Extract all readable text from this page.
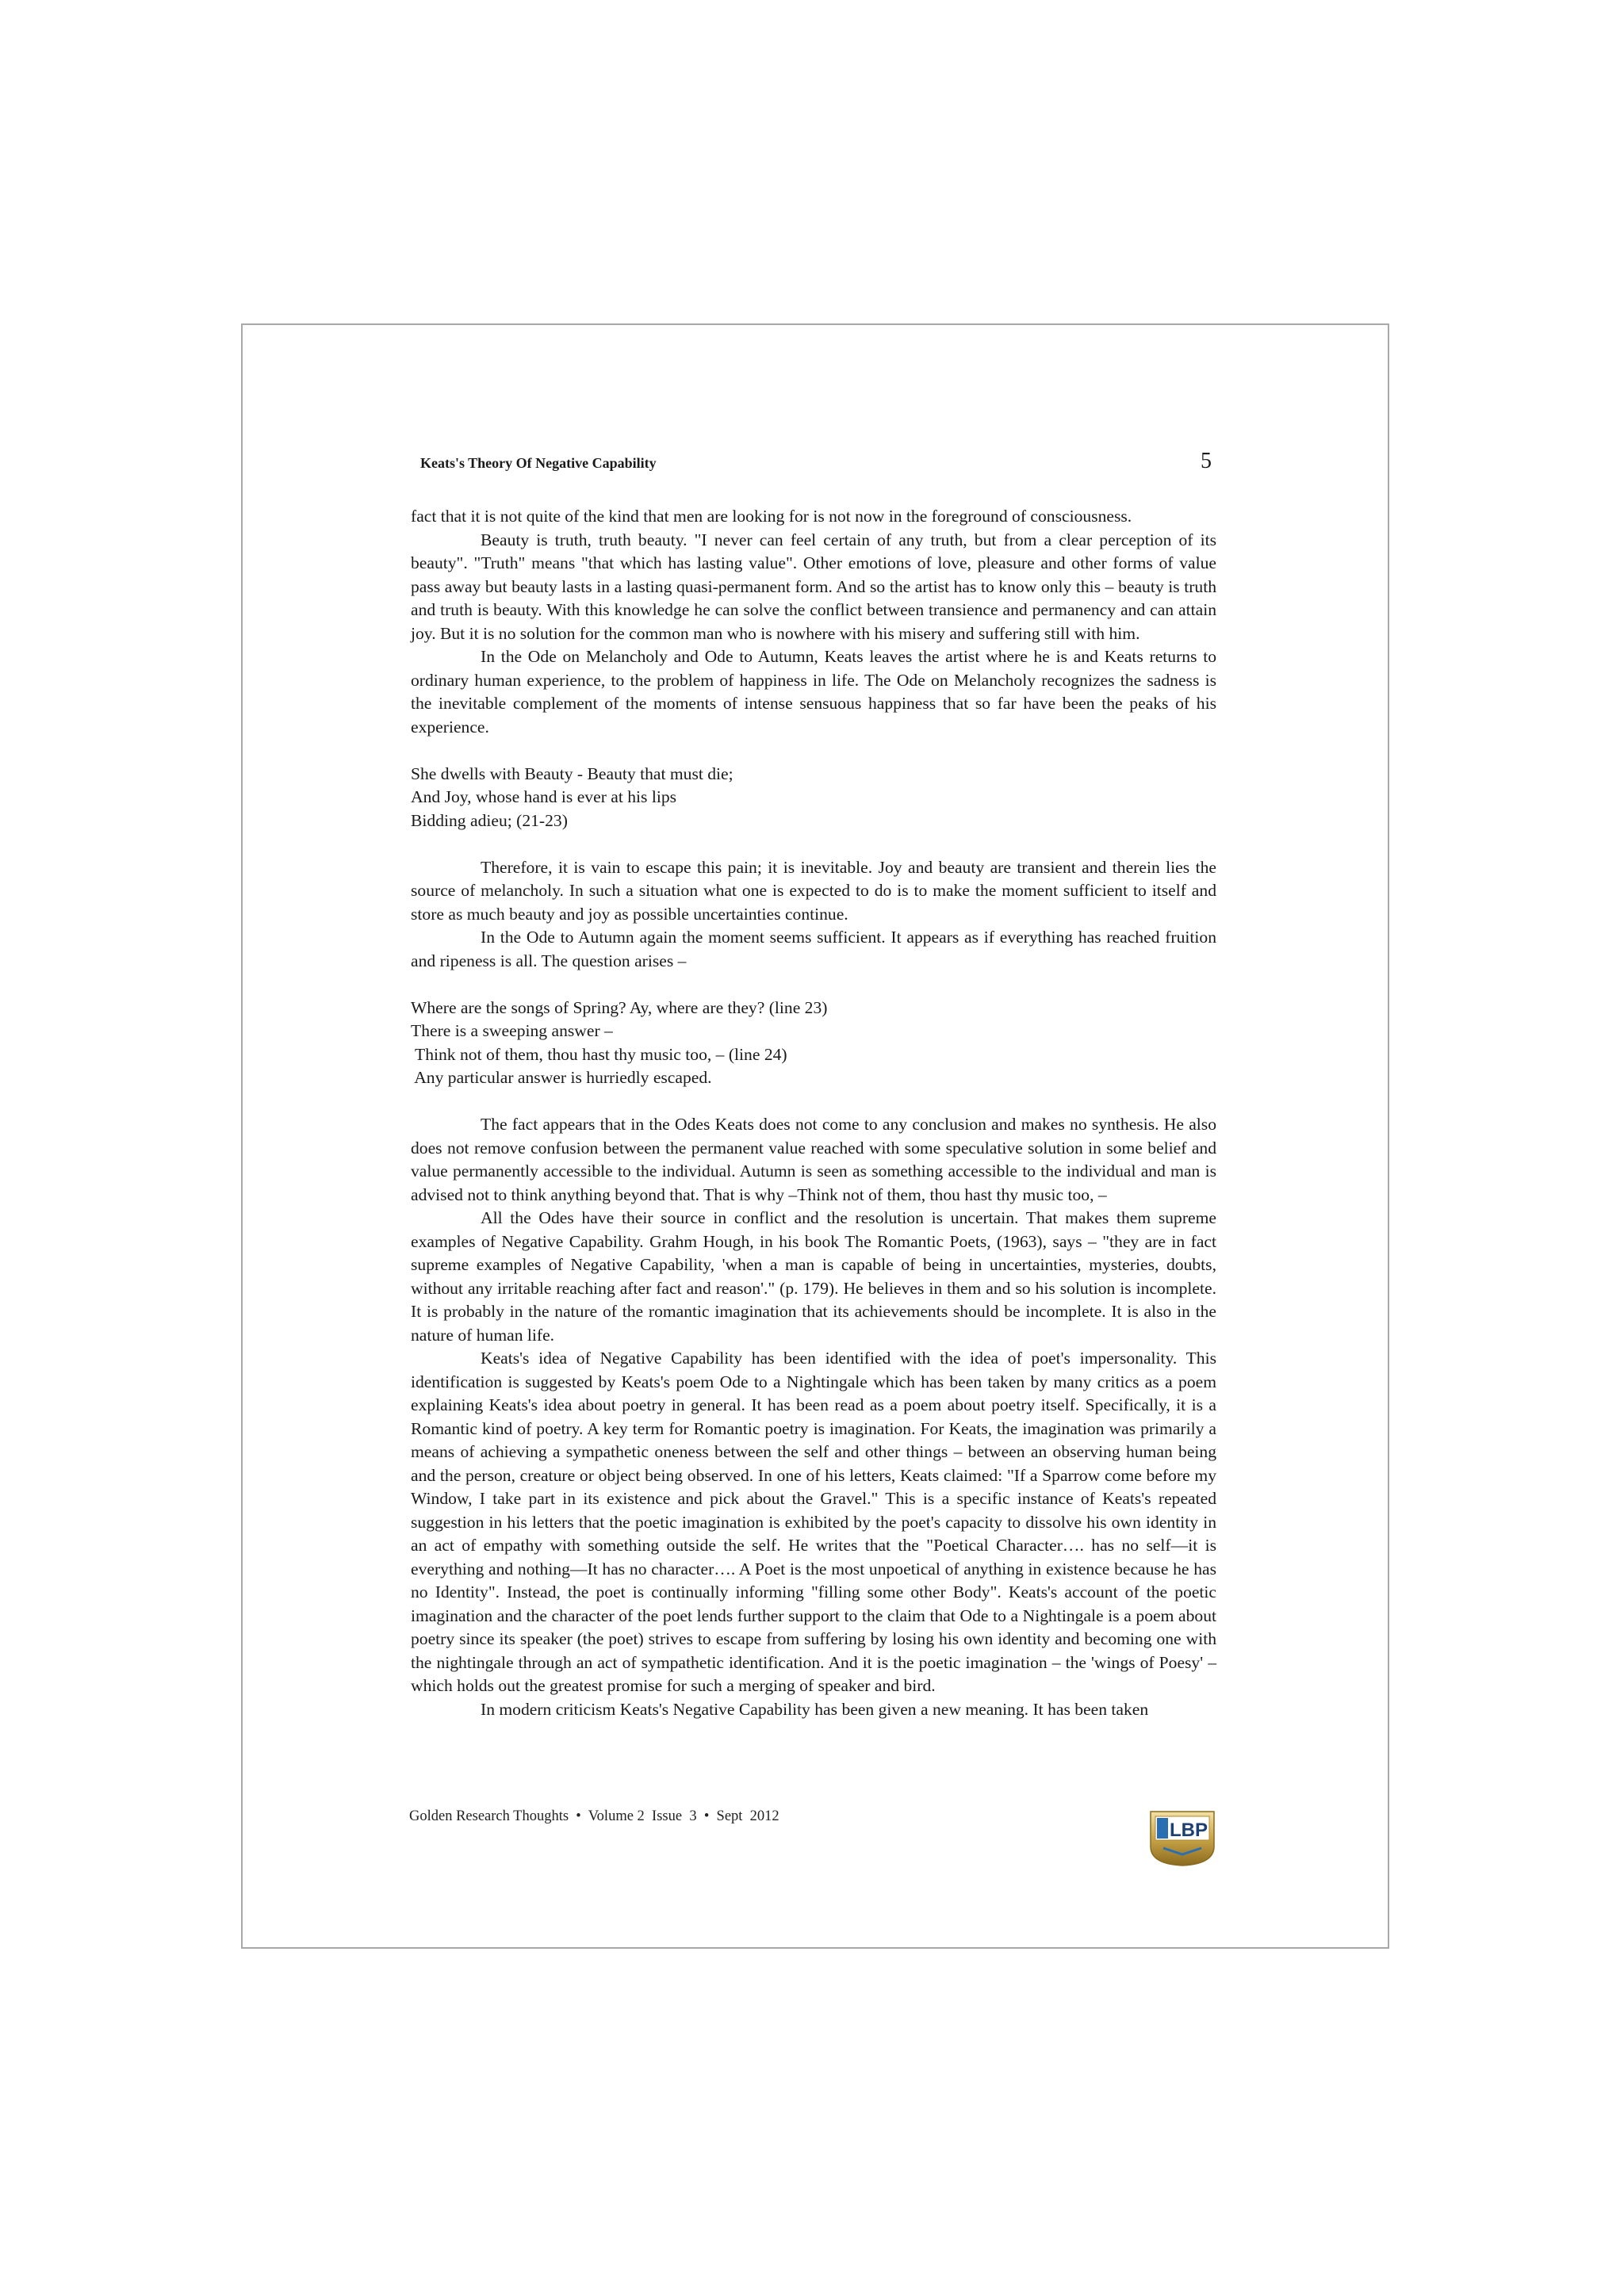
Keats's Theory Of Negative Capability	5

fact that it is not quite of the kind that men are looking for is not now in the foreground of consciousness.

Beauty is truth, truth beauty. "I never can feel certain of any truth, but from a clear perception of its beauty". "Truth" means "that which has lasting value". Other emotions of love, pleasure and other forms of value pass away but beauty lasts in a lasting quasi-permanent form. And so the artist has to know only this – beauty is truth and truth is beauty. With this knowledge he can solve the conflict between transience and permanency and can attain joy. But it is no solution for the common man who is nowhere with his misery and suffering still with him.

In the Ode on Melancholy and Ode to Autumn, Keats leaves the artist where he is and Keats returns to ordinary human experience, to the problem of happiness in life. The Ode on Melancholy recognizes the sadness is the inevitable complement of the moments of intense sensuous happiness that so far have been the peaks of his experience.

She dwells with Beauty - Beauty that must die;

And Joy, whose hand is ever at his lips

Bidding adieu; (21-23)

Therefore, it is vain to escape this pain; it is inevitable. Joy and beauty are transient and therein lies the source of melancholy. In such a situation what one is expected to do is to make the moment sufficient to itself and store as much beauty and joy as possible uncertainties continue.

In the Ode to Autumn again the moment seems sufficient. It appears as if everything has reached fruition and ripeness is all. The question arises –

Where are the songs of Spring? Ay, where are they? (line 23)

There is a sweeping answer –

Think not of them, thou hast thy music too, – (line 24)

Any particular answer is hurriedly escaped.

The fact appears that in the Odes Keats does not come to any conclusion and makes no synthesis. He also does not remove confusion between the permanent value reached with some speculative solution in some belief and value permanently accessible to the individual. Autumn is seen as something accessible to the individual and man is advised not to think anything beyond that. That is why –Think not of them, thou hast thy music too, –

All the Odes have their source in conflict and the resolution is uncertain. That makes them supreme examples of Negative Capability. Grahm Hough, in his book The Romantic Poets, (1963), says – "they are in fact supreme examples of Negative Capability, 'when a man is capable of being in uncertainties, mysteries, doubts, without any irritable reaching after fact and reason'." (p. 179). He believes in them and so his solution is incomplete. It is probably in the nature of the romantic imagination that its achievements should be incomplete. It is also in the nature of human life.

Keats's idea of Negative Capability has been identified with the idea of poet's impersonality. This identification is suggested by Keats's poem Ode to a Nightingale which has been taken by many critics as a poem explaining Keats's idea about poetry in general. It has been read as a poem about poetry itself. Specifically, it is a Romantic kind of poetry. A key term for Romantic poetry is imagination. For Keats, the imagination was primarily a means of achieving a sympathetic oneness between the self and other things – between an observing human being and the person, creature or object being observed. In one of his letters, Keats claimed: "If a Sparrow come before my Window, I take part in its existence and pick about the Gravel." This is a specific instance of Keats's repeated suggestion in his letters that the poetic imagination is exhibited by the poet's capacity to dissolve his own identity in an act of empathy with something outside the self. He writes that the "Poetical Character…. has no self—it is everything and nothing—It has no character…. A Poet is the most unpoetical of anything in existence because he has no Identity". Instead, the poet is continually informing "filling some other Body". Keats's account of the poetic imagination and the character of the poet lends further support to the claim that Ode to a Nightingale is a poem about poetry since its speaker (the poet) strives to escape from suffering by losing his own identity and becoming one with the nightingale through an act of sympathetic identification. And it is the poetic imagination – the 'wings of Poesy' – which holds out the greatest promise for such a merging of speaker and bird.

In modern criticism Keats's Negative Capability has been given a new meaning. It has been taken

Golden Research Thoughts  •  Volume 2  Issue  3  •  Sept  2012
LBP
